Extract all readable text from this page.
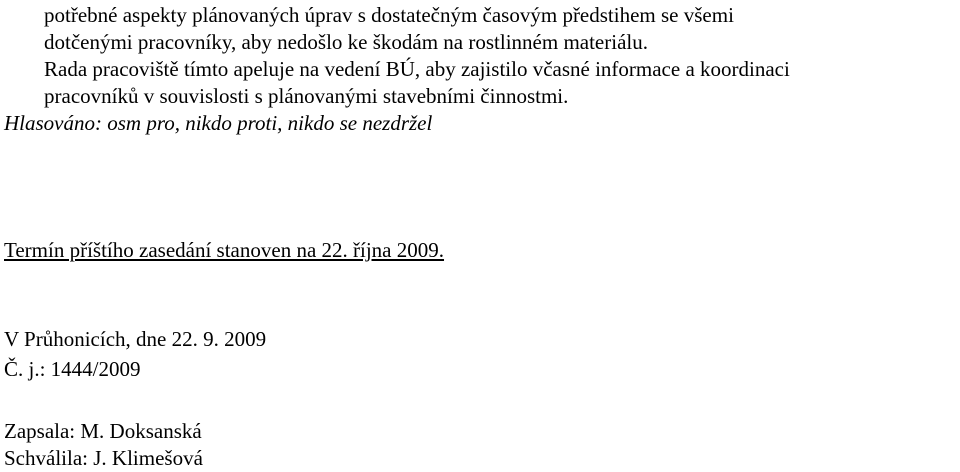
potřebné aspekty plánovaných úprav s dostatečným časovým předstihem se všemi
dotčenými pracovníky, aby nedošlo ke škodám na rostlinném materiálu.
Rada pracoviště tímto apeluje na vedení BÚ, aby zajistilo včasné informace a koordinaci
pracovníků v souvislosti s plánovanými stavebními činnostmi.
Hlasováno: osm pro, nikdo proti, nikdo se nezdržel
Termín příštího zasedání stanoven na 22. října 2009.
V Průhonicích, dne 22. 9. 2009
Č. j.: 1444/2009
Zapsala: M. Doksanská
Schválila: J. Klimešová
